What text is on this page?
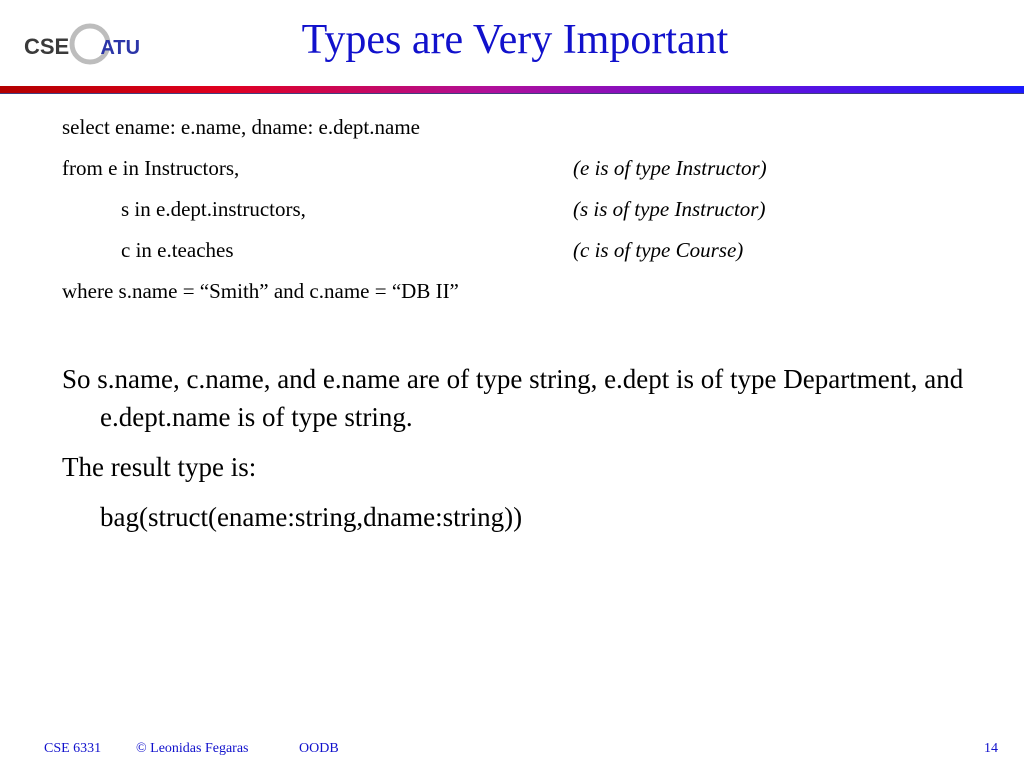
CSE UTA	Types are Very Important
select ename: e.name, dname: e.dept.name
from e in Instructors,	(e is of type Instructor)
s in e.dept.instructors,	(s is of type Instructor)
c in e.teaches	(c is of type Course)
where s.name = “Smith” and c.name = “DB II”

So s.name, c.name, and e.name are of type string, e.dept is of type Department, and e.dept.name is of type string.

The result type is:

bag(struct(ename:string,dname:string))

CSE 6331 © Leonidas Fegaras	OODB	14
